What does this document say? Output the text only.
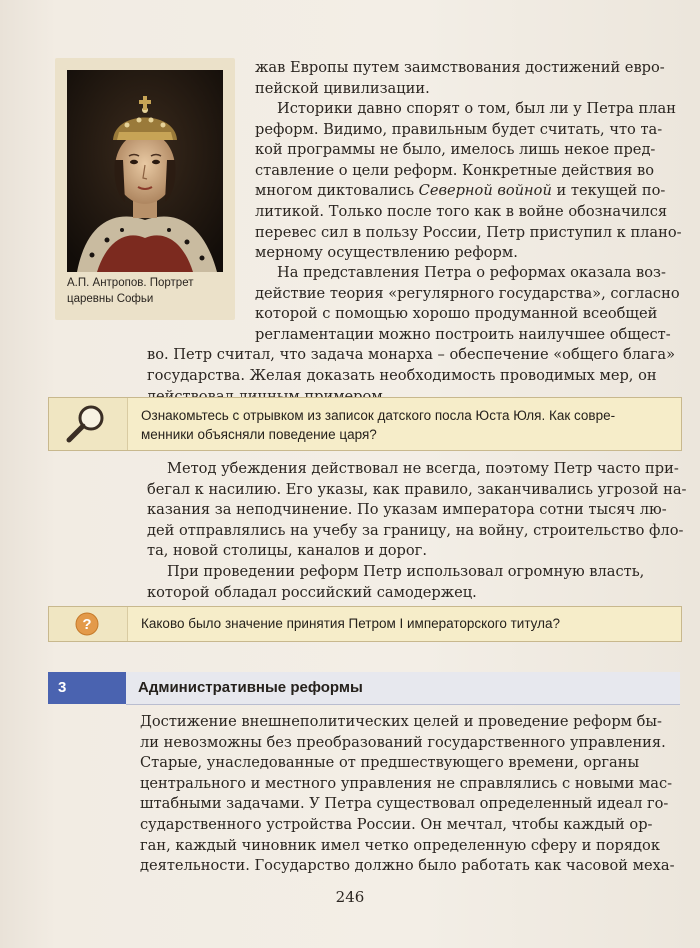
А.П. Антропов. Портрет
царевны Софьи
жав Европы путем заимствования достижений евро-
пейской цивилизации.
Историки давно спорят о том, был ли у Петра план
реформ. Видимо, правильным будет считать, что та-
кой программы не было, имелось лишь некое пред-
ставление о цели реформ. Конкретные действия во
многом диктовались Северной войной и текущей по-
литикой. Только после того как в войне обозначился
перевес сил в пользу России, Петр приступил к плано-
мерному осуществлению реформ.
На представления Петра о реформах оказала воз-
действие теория «регулярного государства», согласно
которой с помощью хорошо продуманной всеобщей
регламентации можно построить наилучшее общест-
во. Петр считал, что задача монарха – обеспечение «общего блага»
государства. Желая доказать необходимость проводимых мер, он
Ознакомьтесь с отрывком из записок датского посла Юста Юля. Как совре-
менники объясняли поведение царя?
Метод убеждения действовал не всегда, поэтому Петр часто при-
бегал к насилию. Его указы, как правило, заканчивались угрозой на-
казания за неподчинение. По указам императора сотни тысяч лю-
дей отправлялись на учебу за границу, на войну, строительство фло-
та, новой столицы, каналов и дорог.
При проведении реформ Петр использовал огромную власть,
которой обладал российский самодержец.
?	Каково было значение принятия Петром I императорского титула?
3	Административные реформы
Достижение внешнеполитических целей и проведение реформ бы-
ли невозможны без преобразований государственного управления.
Старые, унаследованные от предшествующего времени, органы
центрального и местного управления не справлялись с новыми мас-
штабными задачами. У Петра существовал определенный идеал го-
сударственного устройства России. Он мечтал, чтобы каждый ор-
ган, каждый чиновник имел четко определенную сферу и порядок
деятельности. Государство должно было работать как часовой меха-
246
